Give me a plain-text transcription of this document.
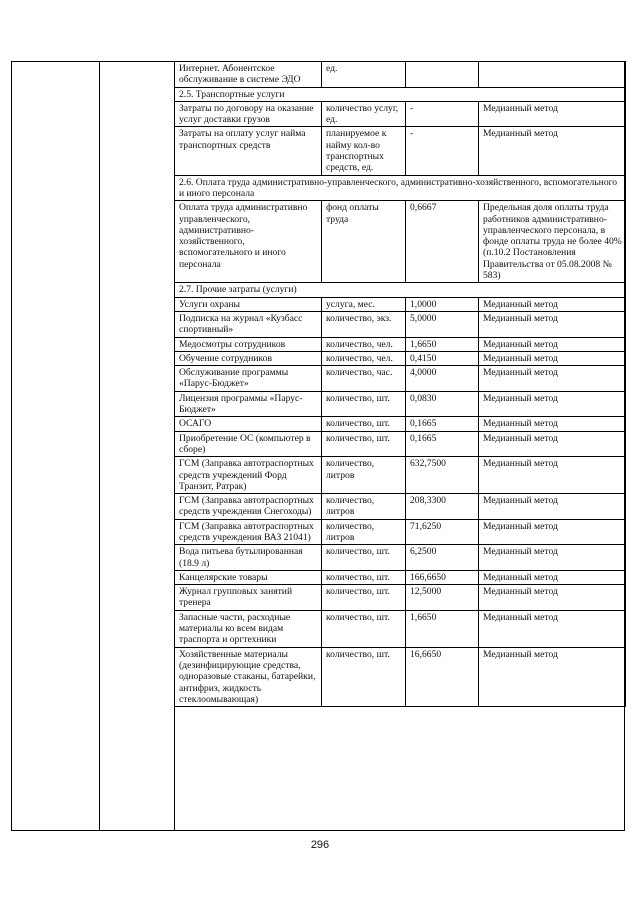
Интернет. Абонентское обслуживание в системе ЭДО	ед.		
2.5. Транспортные услуги			
Затраты по договору на оказание услуг доставки грузов	количество услуг, ед.	-	Медианный метод
Затраты на оплату услуг найма транспортных средств	планируемое к найму кол-во транспортных средств, ед.	-	Медианный метод
2.6. Оплата труда административно-управленческого, административно-хозяйственного, вспомогательного и иного персонала			
Оплата труда административно управленческого, административно-хозяйственного, вспомогательного и иного персонала	фонд оплаты труда	0,6667	Предельная доля оплаты труда работников административно-управленческого персонала, в фонде оплаты труда не более 40% (п.10.2 Постановления Правительства от 05.08.2008 № 583)
2.7. Прочие затраты (услуги)			
Услуги охраны	услуга, мес.	1,0000	Медианный метод
Подписка на журнал «Кузбасс спортивный»	количество, экз.	5,0000	Медианный метод
Медосмотры сотрудников	количество, чел.	1,6650	Медианный метод
Обучение сотрудников	количество, чел.	0,4150	Медианный метод
Обслуживание программы «Парус-Бюджет»	количество, час.	4,0000	Медианный метод
Лицензия программы «Парус-Бюджет»	количество, шт.	0,0830	Медианный метод
ОСАГО	количество, шт.	0,1665	Медианный метод
Приобретение ОС (компьютер в сборе)	количество, шт.	0,1665	Медианный метод
ГСМ (Заправка автотраспортных средств учреждений Форд Транзит, Ратрак)	количество, литров	632,7500	Медианный метод
ГСМ (Заправка автотраспортных средств учреждения Снегоходы)	количество, литров	208,3300	Медианный метод
ГСМ (Заправка автотраспортных средств учреждения ВАЗ 21041)	количество, литров	71,6250	Медианный метод
Вода питьева бутылированная (18.9 л)	количество, шт.	6,2500	Медианный метод
Канцелярские товары	количество, шт.	166,6650	Медианный метод
Журнал групповых занятий тренера	количество, шт.	12,5000	Медианный метод
Запасные части, расходные материалы ко всем видам траспорта и оргтехники	количество, шт.	1,6650	Медианный метод
Хозяйственные материалы (дезинфицирующие средства, одноразовые стаканы, батарейки, антифриз, жидкость стеклоомывающая)	количество, шт.	16,6650	Медианный метод
296
